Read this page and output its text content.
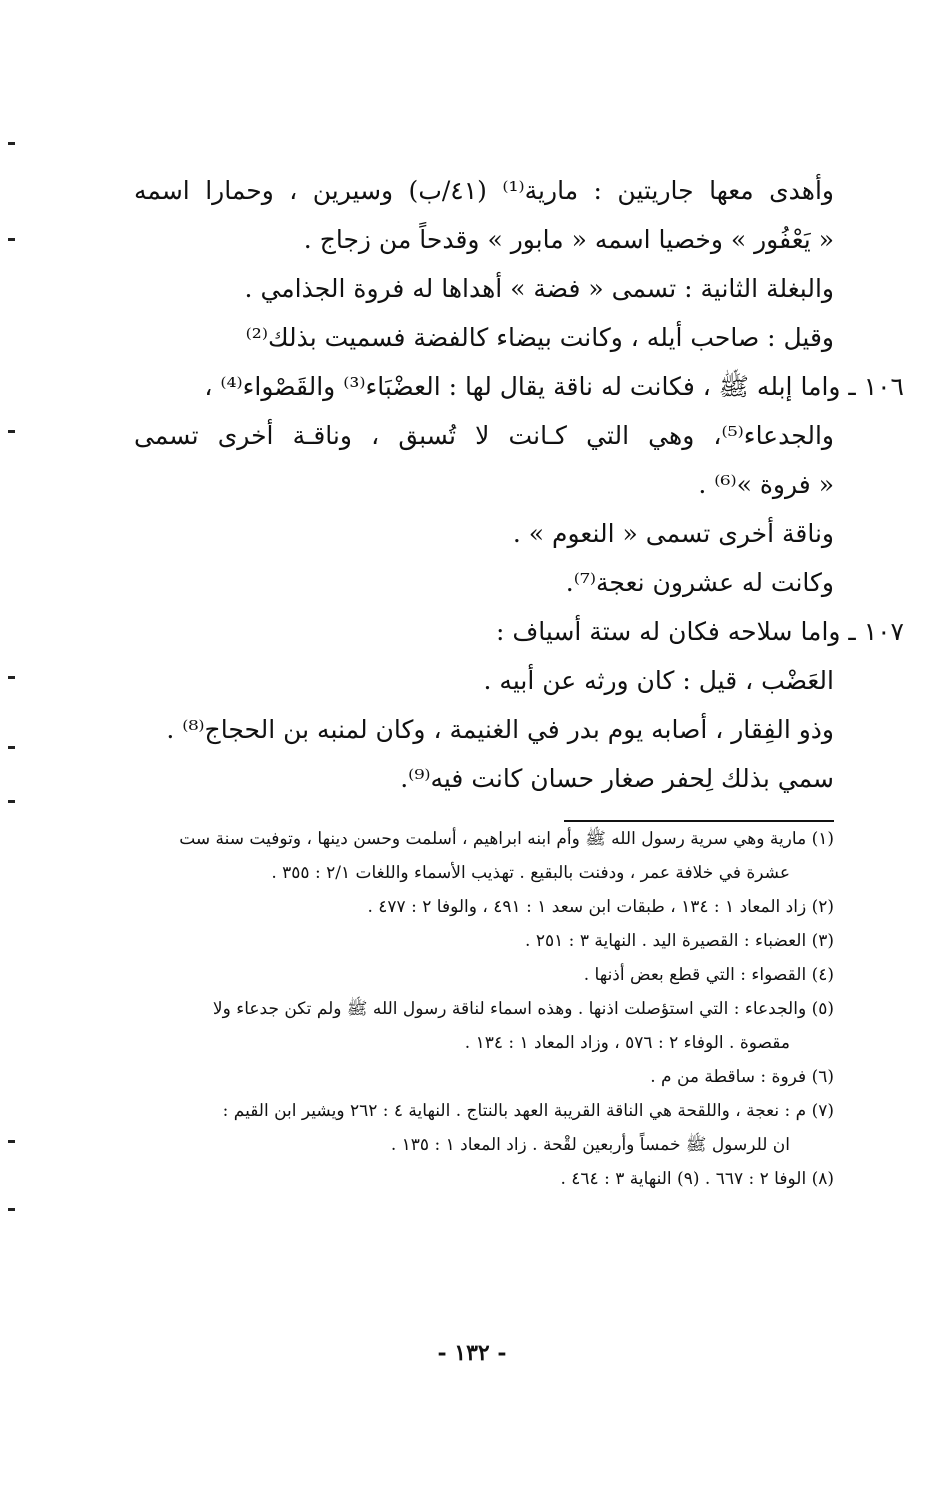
وأهدى معها جاريتين : مارية⁽¹⁾ (٤١/ب) وسيرين ، وحمارا اسمه
« يَعْفُور » وخصيا اسمه « مابور » وقدحاً من زجاج .
والبغلة الثانية : تسمى « فضة » أهداها له فروة الجذامي .
وقيل : صاحب أيله ، وكانت بيضاء كالفضة فسميت بذلك⁽²⁾
١٠٦ ـ واما إبله ﷺ ، فكانت له ناقة يقال لها : العضْبَاء⁽³⁾ والقَصْواء⁽⁴⁾ ،
والجدعاء⁽⁵⁾، وهي التي كـانت لا تُسبق ، وناقـة أخرى تسمى
« فروة »⁽⁶⁾ .
وناقة أخرى تسمى « النعوم » .
وكانت له عشرون نعجة⁽⁷⁾.
١٠٧ ـ واما سلاحه فكان له ستة أسياف :
العَضْب ، قيل : كان ورثه عن أبيه .
وذو الفِقار ، أصابه يوم بدر في الغنيمة ، وكان لمنبه بن الحجاج⁽⁸⁾ .
سمي بذلك لِحفر صغار حسان كانت فيه⁽⁹⁾.
(١) مارية وهي سرية رسول الله ﷺ وأم ابنه ابراهيم ، أسلمت وحسن دينها ، وتوفيت سنة ست
عشرة في خلافة عمر ، ودفنت بالبقيع . تهذيب الأسماء واللغات ٢/١ : ٣٥٥ .
(٢) زاد المعاد ١ : ١٣٤ ، طبقات ابن سعد ١ : ٤٩١ ، والوفا ٢ : ٤٧٧ .
(٣) العضباء : القصيرة اليد . النهاية ٣ : ٢٥١ .
(٤) القصواء : التي قطع بعض أذنها .
(٥) والجدعاء : التي استؤصلت اذنها . وهذه اسماء لناقة رسول الله ﷺ ولم تكن جدعاء ولا
مقصوة . الوفاء ٢ : ٥٧٦ ، وزاد المعاد ١ : ١٣٤ .
(٦) فروة : ساقطة من م .
(٧) م : نعجة ، واللقحة هي الناقة القريبة العهد بالنتاج . النهاية ٤ : ٢٦٢ ويشير ابن القيم :
ان للرسول ﷺ خمساً وأربعين لقْحة . زاد المعاد ١ : ١٣٥ .
(٨) الوفا ٢ : ٦٦٧ . (٩) النهاية ٣ : ٤٦٤ .
- ١٣٢ -
